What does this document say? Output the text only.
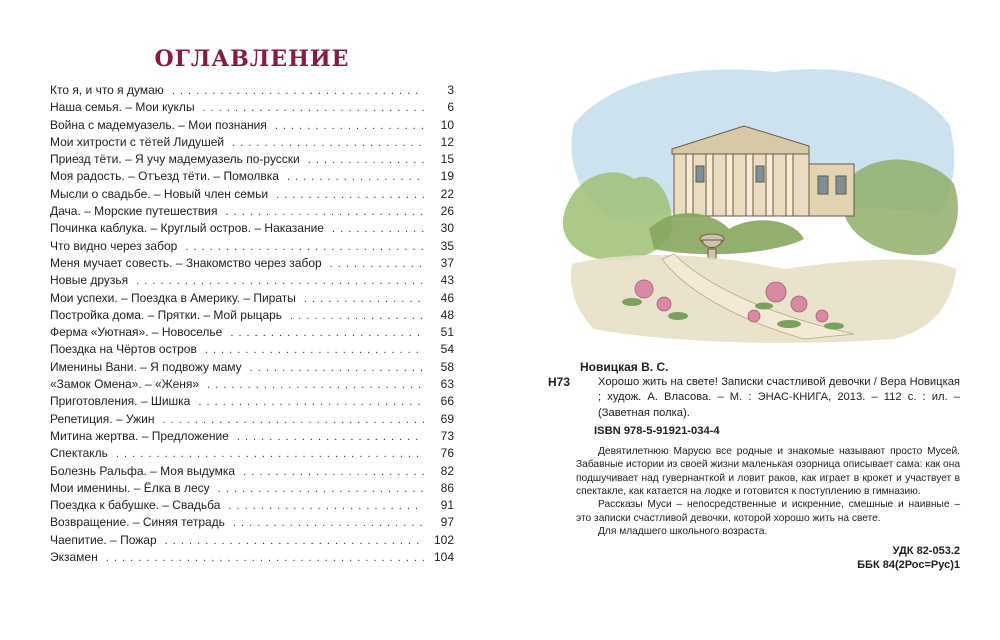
ОГЛАВЛЕНИЕ
Кто я, и что я думаю . . .	3
Наша семья. – Мои куклы . . .	6
Война с мадемуазель. – Мои познания . . .	10
Мои хитрости с тётей Лидушей . . .	12
Приезд тёти. – Я учу мадемуазель по-русски . . .	15
Моя радость. – Отъезд тёти. – Помолвка . . .	19
Мысли о свадьбе. – Новый член семьи . . .	22
Дача. – Морские путешествия . . .	26
Починка каблука. – Круглый остров. – Наказание . . .	30
Что видно через забор . . .	35
Меня мучает совесть. – Знакомство через забор . . .	37
Новые друзья . . .	43
Мои успехи. – Поездка в Америку. – Пираты . . .	46
Постройка дома. – Прятки. – Мой рыцарь . . .	48
Ферма «Уютная». – Новоселье . . .	51
Поездка на Чёртов остров . . .	54
Именины Вани. – Я подвожу маму . . .	58
«Замок Омена». – «Женя» . . .	63
Приготовления. – Шишка . . .	66
Репетиция. – Ужин . . .	69
Митина жертва. – Предложение . . .	73
Спектакль . . .	76
Болезнь Ральфа. – Моя выдумка . . .	82
Мои именины. – Ёлка в лесу . . .	86
Поездка к бабушке. – Свадьба . . .	91
Возвращение. – Синяя тетрадь . . .	97
Чаепитие. – Пожар . . .	102
Экзамен . . .	104
Н73
Новицкая В. С.
Хорошо жить на свете! Записки счастливой девочки / Вера Новицкая ; худож. А. Власова. – М. : ЭНАС-КНИГА, 2013. – 112 с. : ил. – (Заветная полка).
ISBN 978-5-91921-034-4

Девятилетнюю Марусю все родные и знакомые называют просто Мусей. Забавные истории из своей жизни маленькая озорница описывает сама: как она подшучивает над гувернанткой и ловит раков, как играет в крокет и участвует в спектакле, как катается на лодке и готовится к поступлению в гимназию.

Рассказы Муси – непосредственные и искренние, смешные и наивные – это записки счастливой девочки, которой хорошо жить на свете.

Для младшего школьного возраста.

УДК 82-053.2
ББК 84(2Рос=Рус)1
